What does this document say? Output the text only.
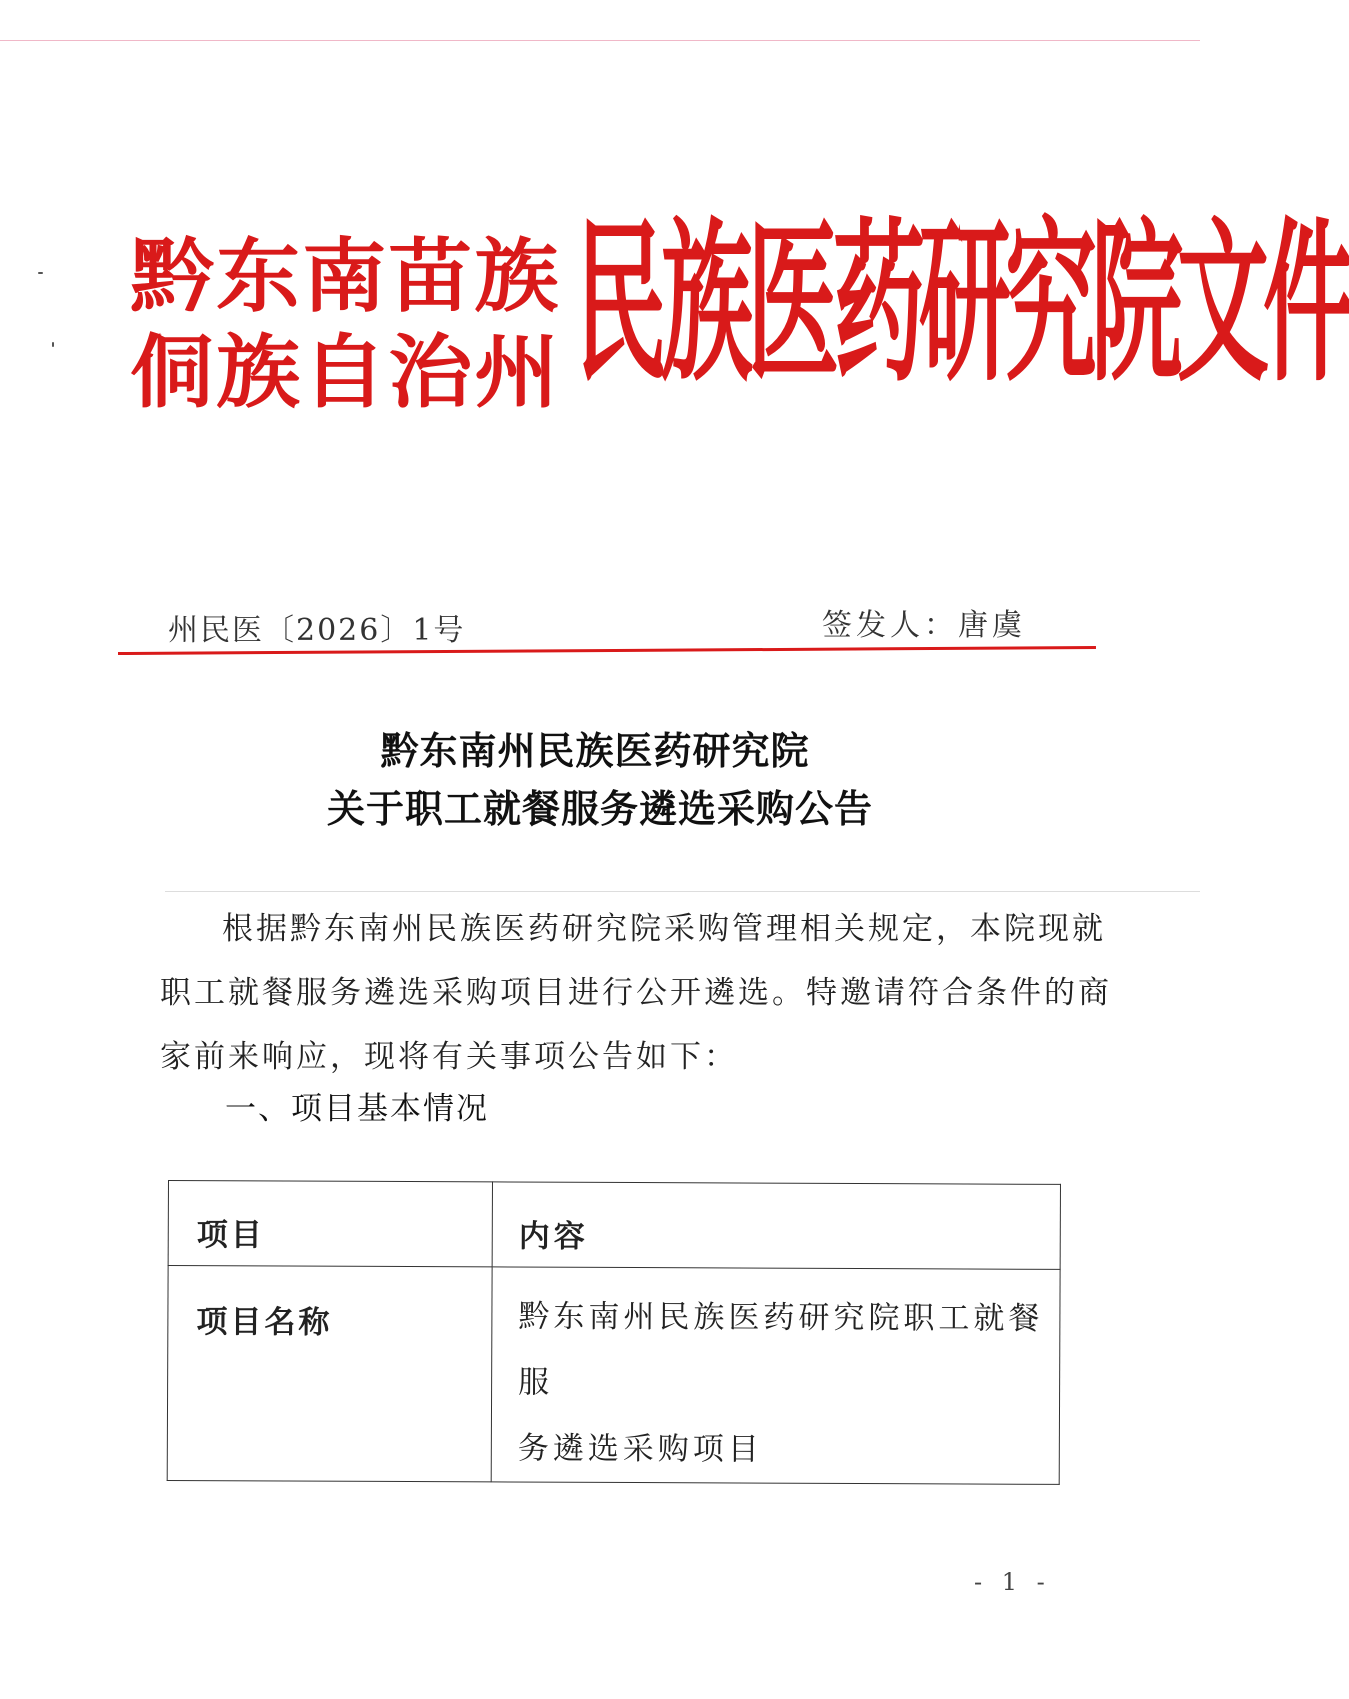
黔东南苗族
侗族自治州 民族医药研究院文件
州民医〔2026〕1号	签发人：唐虞
黔东南州民族医药研究院
关于职工就餐服务遴选采购公告
根据黔东南州民族医药研究院采购管理相关规定，本院现就
职工就餐服务遴选采购项目进行公开遴选。特邀请符合条件的商
家前来响应，现将有关事项公告如下：
一、项目基本情况
项目	内容
项目名称	黔东南州民族医药研究院职工就餐服
务遴选采购项目
- 1 -
